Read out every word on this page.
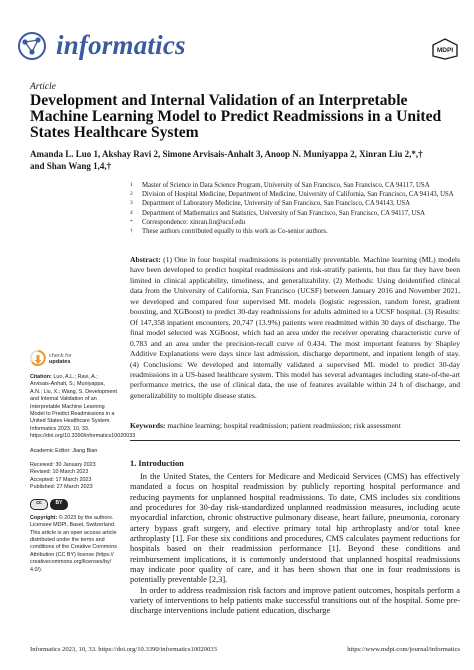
informatics	MDPI
Article
Development and Internal Validation of an Interpretable Machine Learning Model to Predict Readmissions in a United States Healthcare System
Amanda L. Luo 1, Akshay Ravi 2, Simone Arvisais-Anhalt 3, Anoop N. Muniyappa 2, Xinran Liu 2,*,†
and Shan Wang 1,4,†
1	Master of Science in Data Science Program, University of San Francisco, San Francisco, CA 94117, USA
2	Division of Hospital Medicine, Department of Medicine, University of California, San Francisco, CA 94143, USA
3	Department of Laboratory Medicine, University of San Francisco, San Francisco, CA 94143, USA
4	Department of Mathematics and Statistics, University of San Francisco, San Francisco, CA 94117, USA
*	Correspondence: xinran.liu@ucsf.edu
†	These authors contributed equally to this work as Co-senior authors.
Abstract: (1) One in four hospital readmissions is potentially preventable. Machine learning (ML) models have been developed to predict hospital readmissions and risk-stratify patients, but thus far they have been limited in clinical applicability, timeliness, and generalizability. (2) Methods: Using deidentified clinical data from the University of California, San Francisco (UCSF) between January 2016 and November 2021, we developed and compared four supervised ML models (logistic regression, random forest, gradient boosting, and XGBoost) to predict 30-day readmissions for adults admitted to a UCSF hospital. (3) Results: Of 147,358 inpatient encounters, 20,747 (13.9%) patients were readmitted within 30 days of discharge. The final model selected was XGBoost, which had an area under the receiver operating characteristic curve of 0.783 and an area under the precision-recall curve of 0.434. The most important features by Shapley Additive Explanations were days since last admission, discharge department, and inpatient length of stay. (4) Conclusions: We developed and internally validated a supervised ML model to predict 30-day readmissions in a US-based healthcare system. This model has several advantages including state-of-the-art performance metrics, the use of clinical data, the use of features available within 24 h of discharge, and generalizability to multiple disease states.
Keywords: machine learning; hospital readmission; patient readmission; risk assessment
check for
updates
Citation: Luo, A.L.; Ravi, A.; Arvisais-Anhalt, S.; Muniyappa, A.N.; Liu, X.; Wang, S. Development and Internal Validation of an Interpretable Machine Learning Model to Predict Readmissions in a United States Healthcare System. Informatics 2023, 10, 33. https://doi.org/10.3390/informatics10020033
Academic Editor: Jiang Bian
Received: 30 January 2023
Revised: 10 March 2023
Accepted: 17 March 2023
Published: 27 March 2023
cc	BY
Copyright: © 2023 by the authors. Licensee MDPI, Basel, Switzerland. This article is an open access article distributed under the terms and conditions of the Creative Commons Attribution (CC BY) license (https:// creativecommons.org/licenses/by/ 4.0/).
1. Introduction

In the United States, the Centers for Medicare and Medicaid Services (CMS) has effectively mandated a focus on hospital readmission by publicly reporting hospital performance and reducing payments for unplanned hospital readmissions. To date, CMS includes six conditions and procedures for 30-day risk-standardized unplanned readmission measures, including acute myocardial infarction, chronic obstructive pulmonary disease, heart failure, pneumonia, coronary artery bypass graft surgery, and elective primary total hip arthroplasty and/or total knee arthroplasty [1]. For these six conditions and procedures, CMS calculates payment reductions for hospitals based on their readmission performance [1]. Beyond these conditions and reimbursement implications, it is commonly understood that unplanned hospital readmissions may indicate poor quality of care, and it has been shown that one in four readmissions is potentially preventable [2,3].

In order to address readmission risk factors and improve patient outcomes, hospitals perform a variety of interventions to help patients make successful transitions out of the hospital. Some pre-discharge interventions include patient education, discharge

Informatics 2023, 10, 33. https://doi.org/10.3390/informatics10020033	https://www.mdpi.com/journal/informatics
